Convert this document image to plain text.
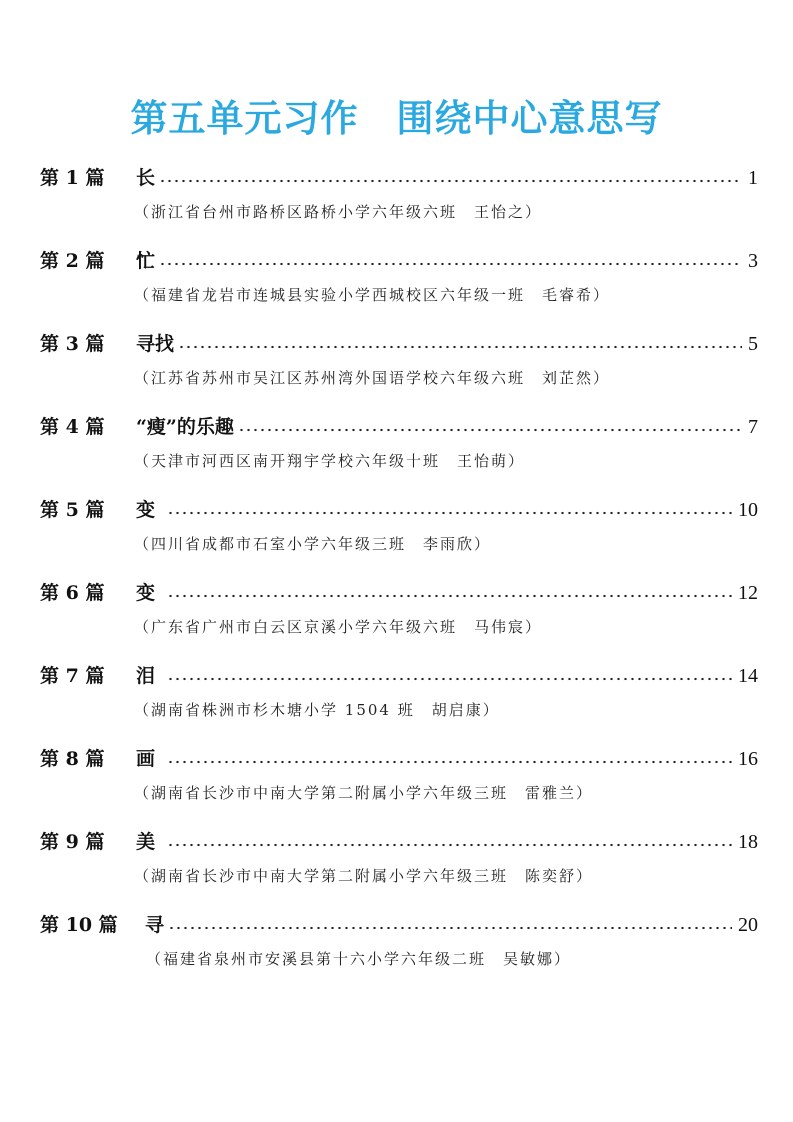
第五单元习作　围绕中心意思写
第 1 篇	长	1
（浙江省台州市路桥区路桥小学六年级六班　王怡之）
第 2 篇	忙	3
（福建省龙岩市连城县实验小学西城校区六年级一班　毛睿希）
第 3 篇	寻找	5
（江苏省苏州市吴江区苏州湾外国语学校六年级六班　刘芷然）
第 4 篇	“瘦”的乐趣	7
（天津市河西区南开翔宇学校六年级十班　王怡萌）
第 5 篇	变	10
（四川省成都市石室小学六年级三班　李雨欣）
第 6 篇	变	12
（广东省广州市白云区京溪小学六年级六班　马伟宸）
第 7 篇	泪	14
（湖南省株洲市杉木塘小学 1504 班　胡启康）
第 8 篇	画	16
（湖南省长沙市中南大学第二附属小学六年级三班　雷雅兰）
第 9 篇	美	18
（湖南省长沙市中南大学第二附属小学六年级三班　陈奕舒）
第 10 篇	寻	20
（福建省泉州市安溪县第十六小学六年级二班　吴敏娜）
